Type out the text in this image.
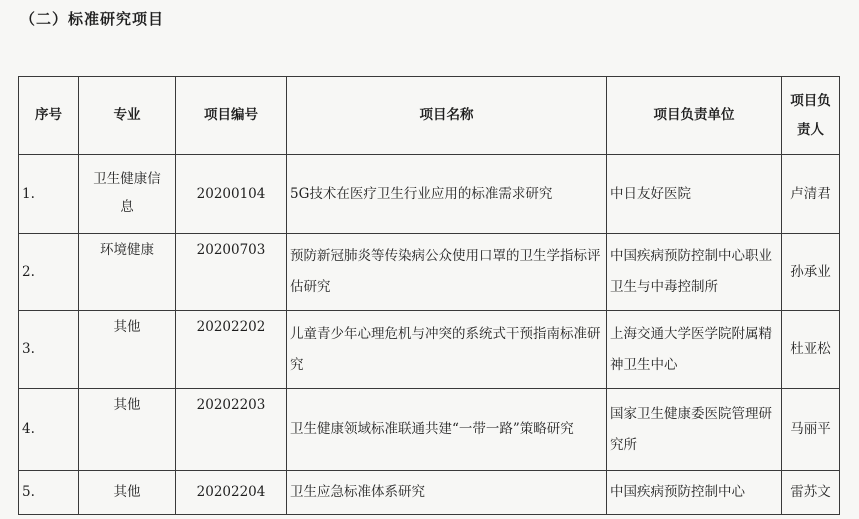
（二）标准研究项目
序号	专业	项目编号	项目名称	项目负责单位	项目负责人
1.	卫生健康信息	20200104	5G技术在医疗卫生行业应用的标准需求研究	中日友好医院	卢清君
2.	环境健康	20200703	预防新冠肺炎等传染病公众使用口罩的卫生学指标评估研究	中国疾病预防控制中心职业卫生与中毒控制所	孙承业
3.	其他	20202202	儿童青少年心理危机与冲突的系统式干预指南标准研究	上海交通大学医学院附属精神卫生中心	杜亚松
4.	其他	20202203	卫生健康领域标准联通共建“一带一路”策略研究	国家卫生健康委医院管理研究所	马丽平
5.	其他	20202204	卫生应急标准体系研究	中国疾病预防控制中心	雷苏文
